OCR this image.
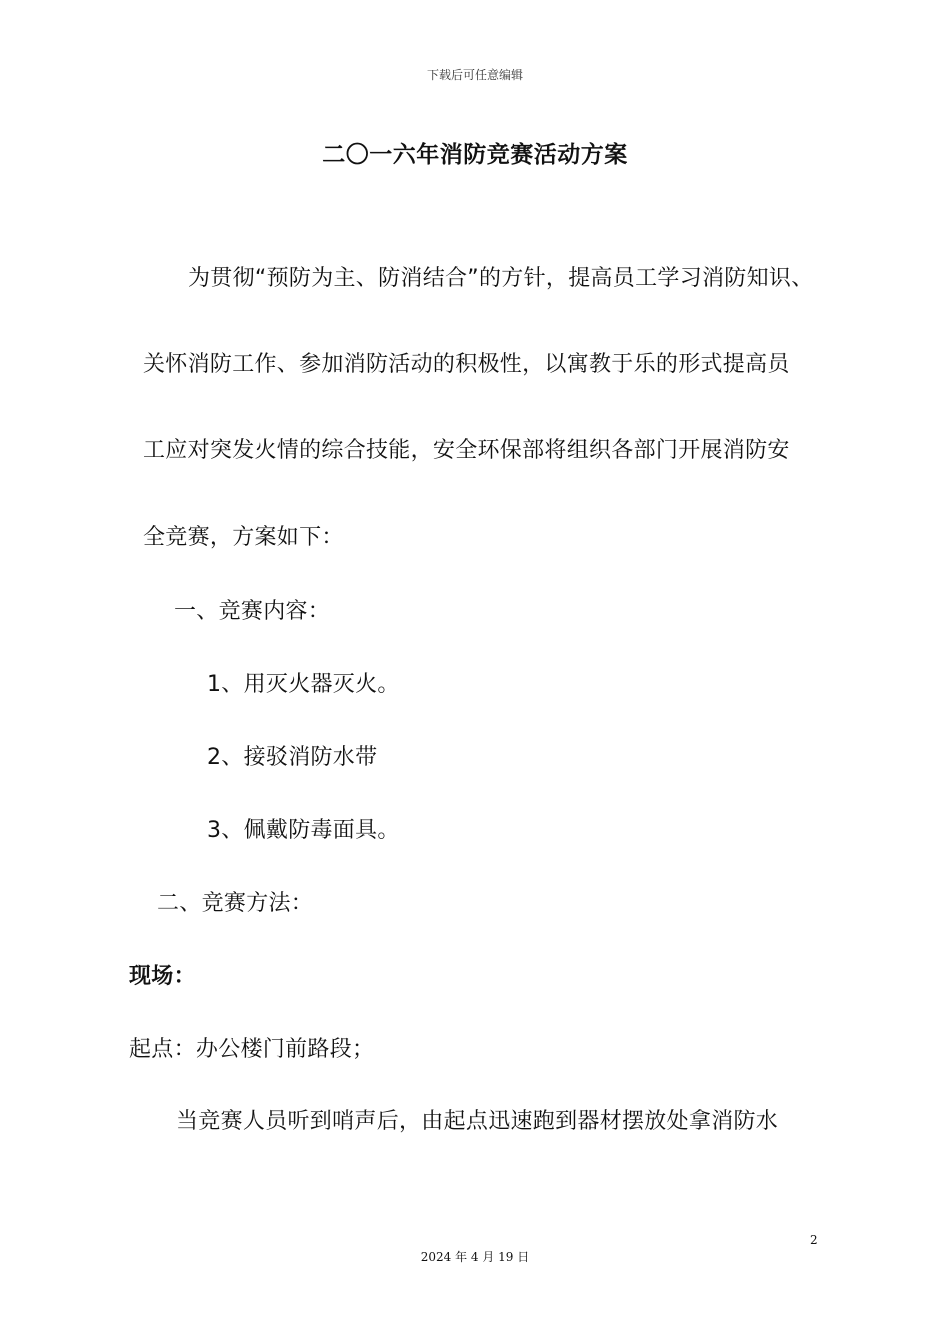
下载后可任意编辑
二〇一六年消防竞赛活动方案
为贯彻“预防为主、防消结合”的方针，提高员工学习消防知识、
关怀消防工作、参加消防活动的积极性，以寓教于乐的形式提高员
工应对突发火情的综合技能，安全环保部将组织各部门开展消防安
全竞赛，方案如下：
一、竞赛内容：
1、用灭火器灭火。
2、接驳消防水带
3、佩戴防毒面具。
二、竞赛方法：
现场：
起点：办公楼门前路段；
当竞赛人员听到哨声后，由起点迅速跑到器材摆放处拿消防水
2
2024 年 4 月 19 日
